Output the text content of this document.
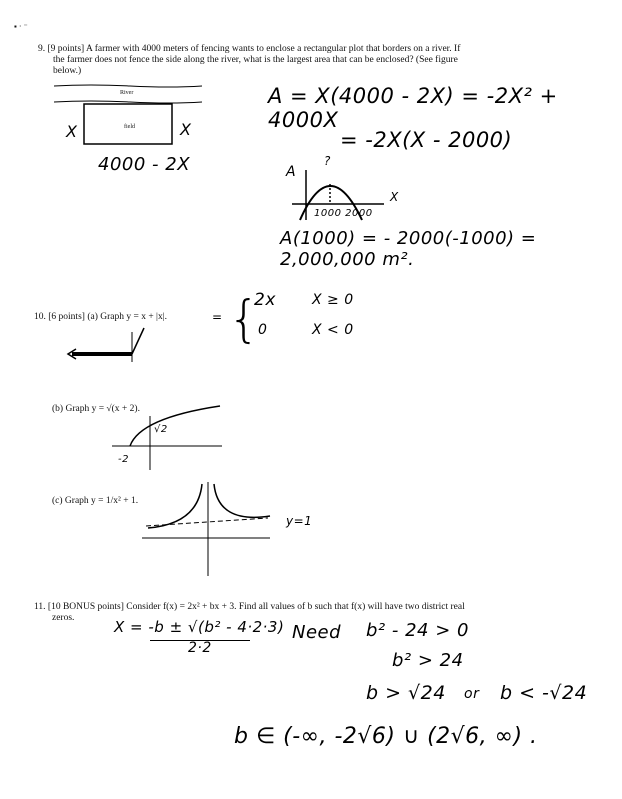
▪ · ⁻
9. [9 points] A farmer with 4000 meters of fencing wants to enclose a rectangular plot that borders on a river. If
the farmer does not fence the side along the river, what is the largest area that can be enclosed? (See figure
below.)
River
field
X	X
4000 - 2X
A = X(4000 - 2X) = -2X² + 4000X
= -2X(X - 2000)
A
X
?
1000 2000
A(1000) = - 2000(-1000) = 2,000,000 m².
10. [6 points] (a) Graph y = x + |x|.	= {
2x	X ≥ 0
0	X < 0
(b) Graph y = √(x + 2).
√2
-2
(c) Graph y = 1/x² + 1.
y=1
11. [10 BONUS points] Consider f(x) = 2x² + bx + 3. Find all values of b such that f(x) will have two district real
zeros.	X = -b ± √(b² - 4·2·3)
2·2
Need b² - 24 > 0
b² > 24
b > √24 or b < -√24
b ∈ (-∞, -2√6) ∪ (2√6, ∞) .
